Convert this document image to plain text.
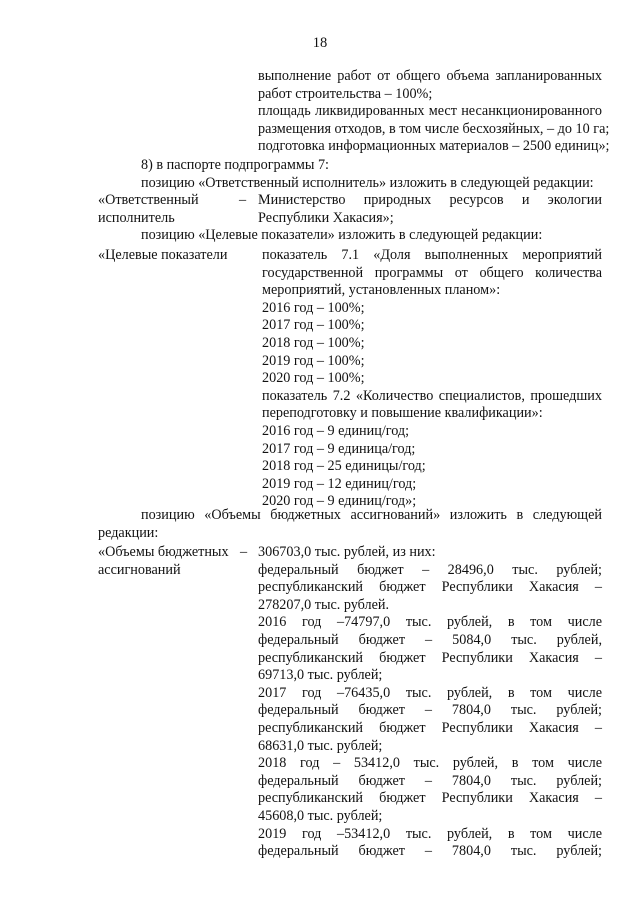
18
выполнение работ от общего объема запланированных
работ строительства – 100%;
площадь ликвидированных мест несанкционированного
размещения отходов, в том числе бесхозяйных, – до 10 га;
подготовка информационных материалов – 2500 единиц»;
8) в паспорте подпрограммы 7:
позицию «Ответственный исполнитель» изложить в следующей редакции:
«Ответственный
исполнитель
– Министерство природных ресурсов и экологии
Республики Хакасия»;
позицию «Целевые показатели» изложить в следующей редакции:
«Целевые показатели показатель 7.1 «Доля выполненных мероприятий
государственной программы от общего количества
мероприятий, установленных планом»:
2016 год – 100%;
2017 год – 100%;
2018 год – 100%;
2019 год – 100%;
2020 год – 100%;
показатель 7.2 «Количество специалистов, прошедших
переподготовку и повышение квалификации»:
2016 год – 9 единиц/год;
2017 год – 9 единица/год;
2018 год – 25 единицы/год;
2019 год – 12 единиц/год;
2020 год – 9 единиц/год»;
позицию «Объемы бюджетных ассигнований» изложить в следующей
редакции:
«Объемы бюджетных
ассигнований
– 306703,0 тыс. рублей, из них:
федеральный бюджет – 28496,0 тыс. рублей;
республиканский бюджет Республики Хакасия –
278207,0 тыс. рублей.
2016 год –74797,0 тыс. рублей, в том числе
федеральный бюджет – 5084,0 тыс. рублей,
республиканский бюджет Республики Хакасия –
69713,0 тыс. рублей;
2017 год –76435,0 тыс. рублей, в том числе
федеральный бюджет – 7804,0 тыс. рублей;
республиканский бюджет Республики Хакасия –
68631,0 тыс. рублей;
2018 год – 53412,0 тыс. рублей, в том числе
федеральный бюджет – 7804,0 тыс. рублей;
республиканский бюджет Республики Хакасия –
45608,0 тыс. рублей;
2019 год –53412,0 тыс. рублей, в том числе
федеральный бюджет – 7804,0 тыс. рублей;
